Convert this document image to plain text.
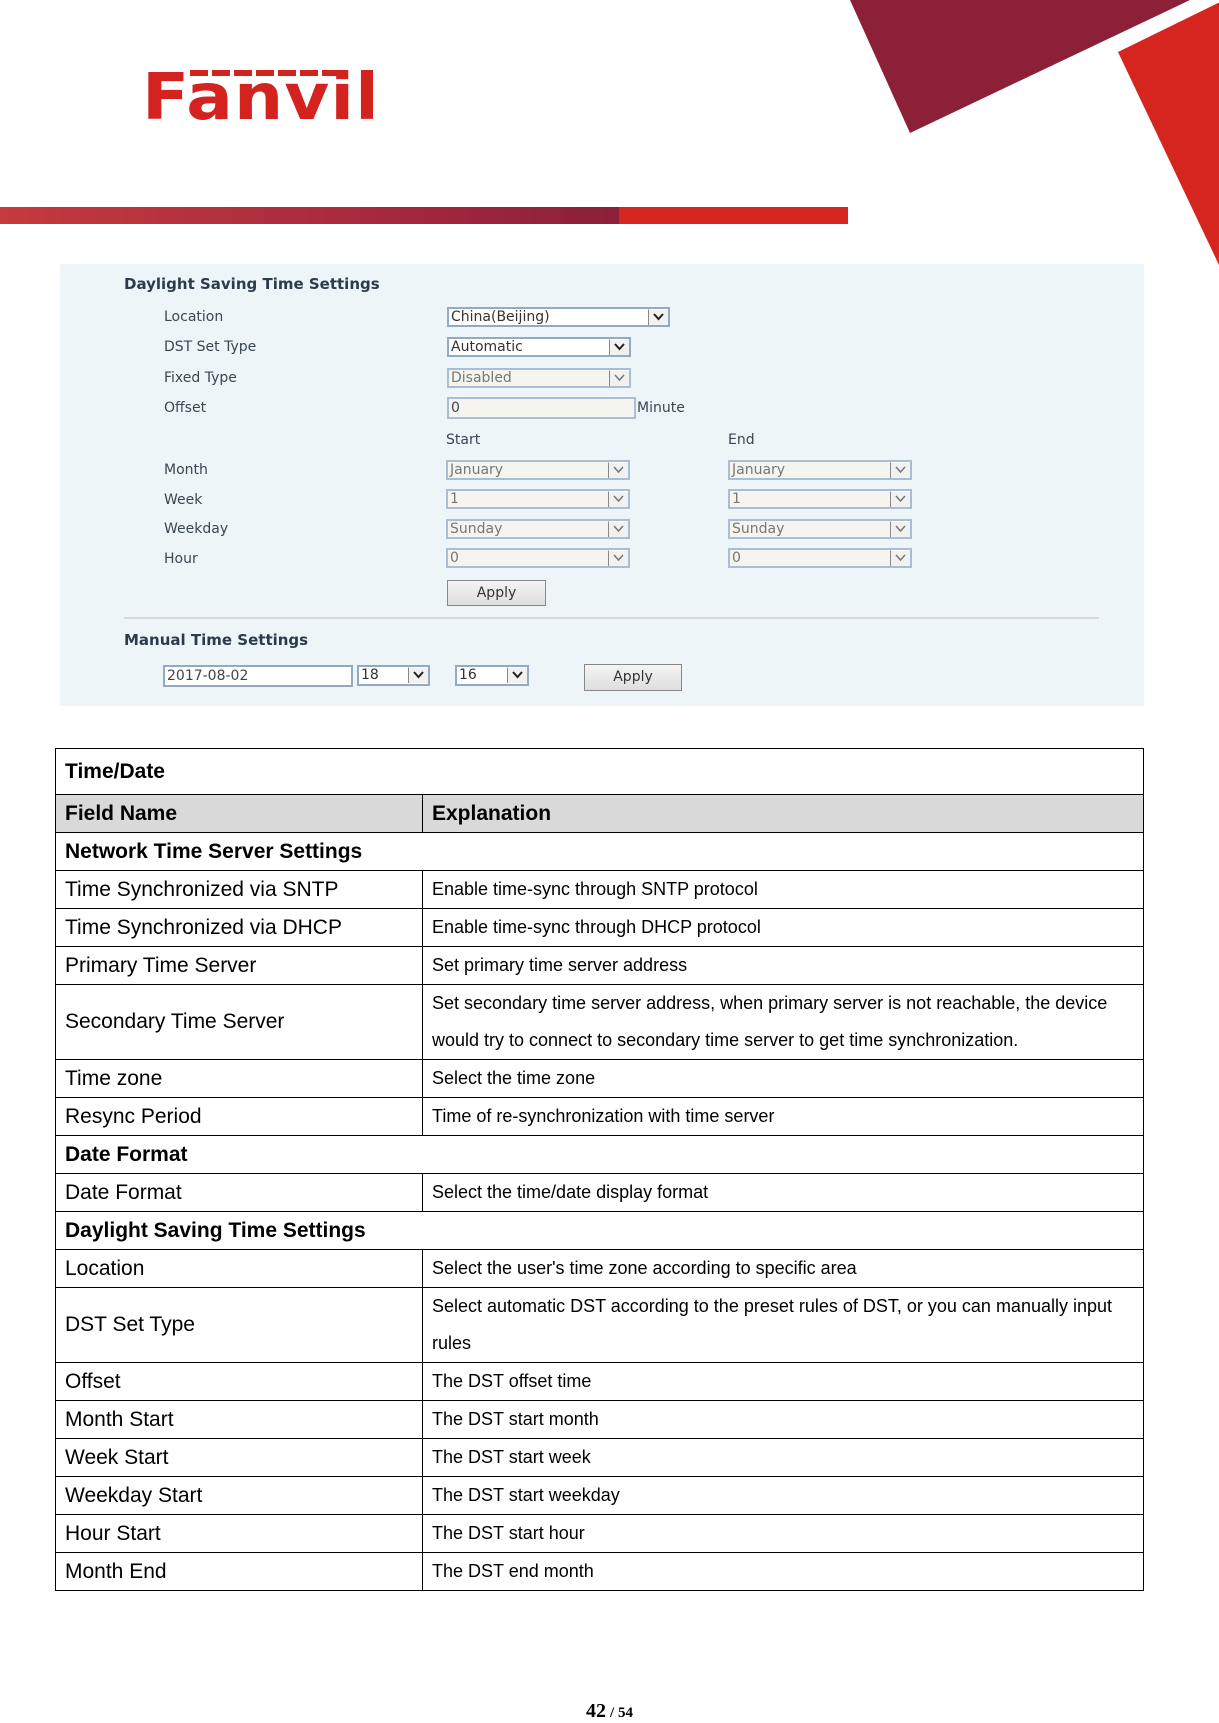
Fanvil
Daylight Saving Time Settings
Location	China(Beijing)
DST Set Type	Automatic
Fixed Type	Disabled
Offset	0	Minute
Start	End
Month	January	January
Week	1	1
Weekday	Sunday	Sunday
Hour	0	0
Apply
Manual Time Settings
2017-08-02	18	16	Apply
Time/Date	
Field Name	Explanation
Network Time Server Settings	
Time Synchronized via SNTP	Enable time-sync through SNTP protocol
Time Synchronized via DHCP	Enable time-sync through DHCP protocol
Primary Time Server	Set primary time server address
Secondary Time Server	Set secondary time server address, when primary server is not reachable, the device would try to connect to secondary time server to get time synchronization.
Time zone	Select the time zone
Resync Period	Time of re-synchronization with time server
Date Format	
Date Format	Select the time/date display format
Daylight Saving Time Settings	
Location	Select the user's time zone according to specific area
DST Set Type	Select automatic DST according to the preset rules of DST, or you can manually input rules
Offset	The DST offset time
Month Start	The DST start month
Week Start	The DST start week
Weekday Start	The DST start weekday
Hour Start	The DST start hour
Month End	The DST end month
42 / 54
